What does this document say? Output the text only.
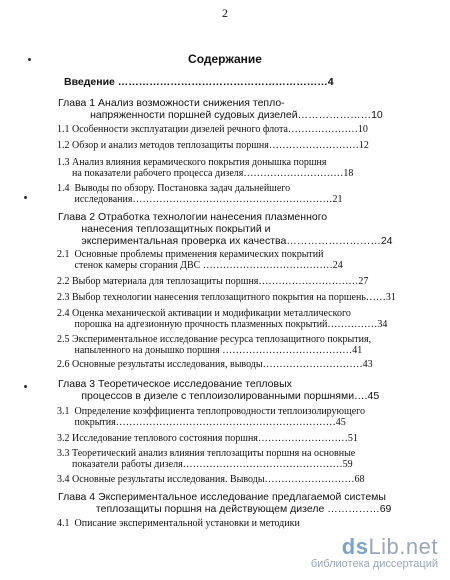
2
Содержание
Введение ……………………………………………………4
Глава 1 Анализ возможности снижения тепло-
напряженности поршней судовых дизелей…………………10
1.1 Особенности эксплуатации дизелей речного флота…………………10
1.2 Обзор и анализ методов теплозащиты поршня………………………12
1.3 Анализ влияния керамического покрытия донышка поршня
на показатели рабочего процесса дизеля…………………………18
1.4  Выводы по обзору. Постановка задач дальнейшего
исследования……………………………………………………21
Глава 2 Отработка технологии нанесения плазменного
нанесения теплозащитных покрытий и
экспериментальная проверка их качества………………………24
2.1  Основные проблемы применения керамических покрытий
стенок камеры сгорания ДВС …………………………………24
2.2 Выбор материала для теплозащиты поршня…………………………27
2.3 Выбор технологии нанесения теплозащитного покрытия на поршень……31
2.4 Оценка механической активации и модификации металлического
порошка на адгезионную прочность плазменных покрытий……………34
2.5 Экспериментальное исследование ресурса теплозащитного покрытия,
напыленного на донышко поршня …………………………………41
2.6 Основные результаты исследования, выводы…………………………43
Глава 3 Теоретическое исследование тепловых
процессов в дизеле с теплоизолированными поршнями….45
3.1  Определение коэффициента теплопроводности теплоизолирующего
покрытия…………………………………………………………45
3.2 Исследование теплового состояния поршня………………………51
3.3 Теоретический анализ влияния теплозащиты поршня на основные
показатели работы дизеля…………………………………………59
3.4 Основные результаты исследования. Выводы………………………68
Глава 4 Экспериментальное исследование предлагаемой системы
теплозащиты поршня на действующем дизеле ……………69
4.1  Описание экспериментальной установки и методики
dsLib.net
библиотека диссертаций
